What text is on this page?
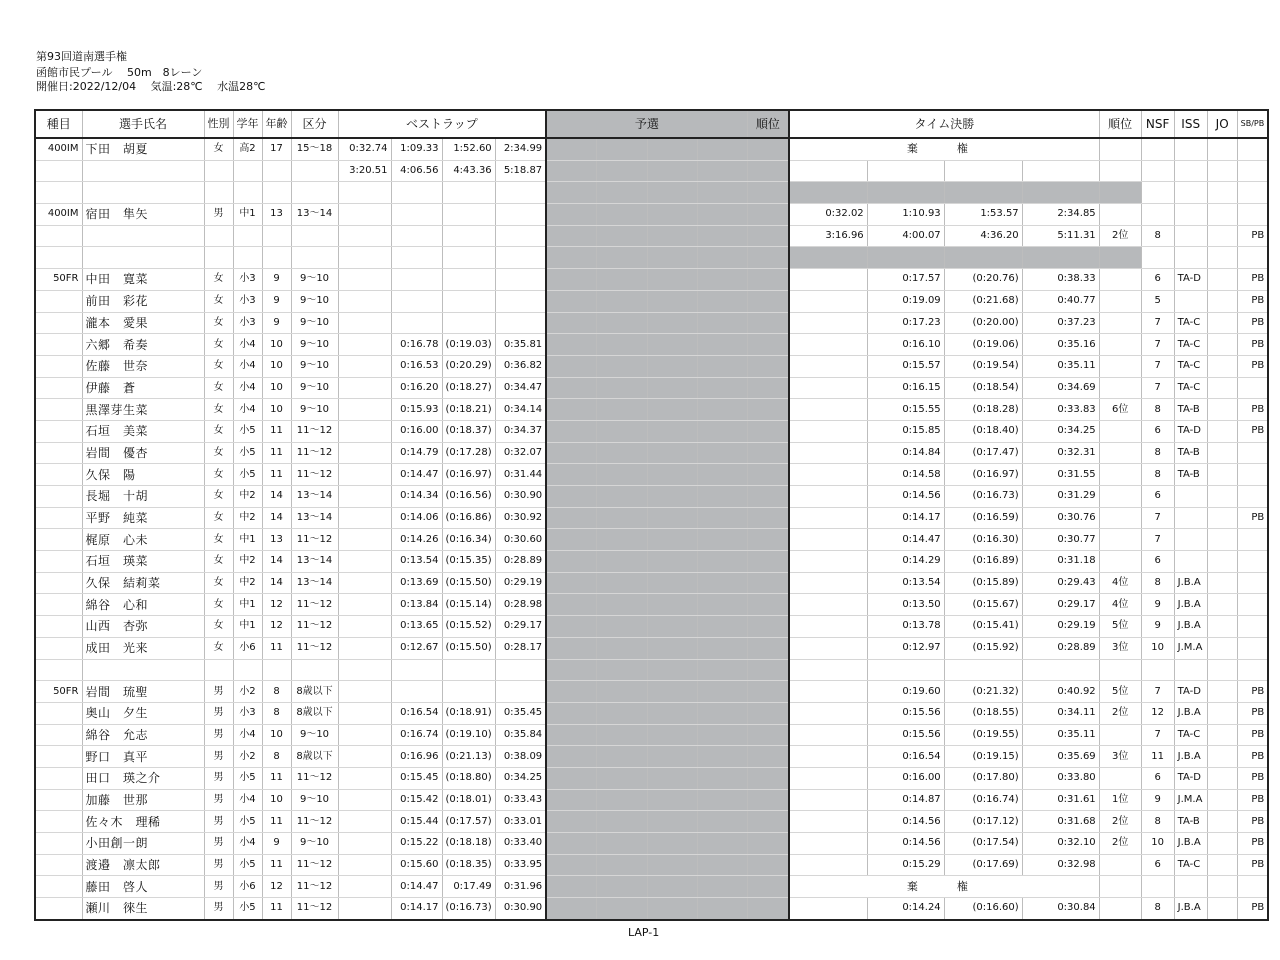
第93回道南選手権
函館市民プール　 50m　8レーン
開催日:2022/12/04　 気温:28℃　 水温28℃
種目	選手氏名	性別	学年	年齢	区分	ベストラップ				予選				順位	タイム決勝				順位	NSF	ISS	JO	SB/PB
400IM	下田　胡夏	女	高2	17	15〜18	0:32.74	1:09.33	1:52.60	2:34.99						棄　権								
						3:20.51	4:06.56	4:43.36	5:18.87														

400IM	宿田　隼矢	男	中1	13	13〜14										0:32.02	1:10.93	1:53.57	2:34.85					
															3:16.96	4:00.07	4:36.20	5:11.31	2位	8			PB

50FR	中田　寛菜	女	小3	9	9〜10											0:17.57	(0:20.76)	0:38.33		6	TA-D		PB
	前田　彩花	女	小3	9	9〜10											0:19.09	(0:21.68)	0:40.77		5			PB
	瀧本　愛果	女	小3	9	9〜10											0:17.23	(0:20.00)	0:37.23		7	TA-C		PB
	六郷　希奏	女	小4	10	9〜10		0:16.78	(0:19.03)	0:35.81							0:16.10	(0:19.06)	0:35.16		7	TA-C		PB
	佐藤　世奈	女	小4	10	9〜10		0:16.53	(0:20.29)	0:36.82							0:15.57	(0:19.54)	0:35.11		7	TA-C		PB
	伊藤　蒼	女	小4	10	9〜10		0:16.20	(0:18.27)	0:34.47							0:16.15	(0:18.54)	0:34.69		7	TA-C		
	黒澤芽生菜	女	小4	10	9〜10		0:15.93	(0:18.21)	0:34.14							0:15.55	(0:18.28)	0:33.83	6位	8	TA-B		PB
	石垣　美菜	女	小5	11	11〜12		0:16.00	(0:18.37)	0:34.37							0:15.85	(0:18.40)	0:34.25		6	TA-D		PB
	岩間　優杏	女	小5	11	11〜12		0:14.79	(0:17.28)	0:32.07							0:14.84	(0:17.47)	0:32.31		8	TA-B		
	久保　陽	女	小5	11	11〜12		0:14.47	(0:16.97)	0:31.44							0:14.58	(0:16.97)	0:31.55		8	TA-B		
	長堀　十胡	女	中2	14	13〜14		0:14.34	(0:16.56)	0:30.90							0:14.56	(0:16.73)	0:31.29		6			
	平野　純菜	女	中2	14	13〜14		0:14.06	(0:16.86)	0:30.92							0:14.17	(0:16.59)	0:30.76		7			PB
	梶原　心未	女	中1	13	11〜12		0:14.26	(0:16.34)	0:30.60							0:14.47	(0:16.30)	0:30.77		7			
	石垣　瑛菜	女	中2	14	13〜14		0:13.54	(0:15.35)	0:28.89							0:14.29	(0:16.89)	0:31.18		6			
	久保　結莉菜	女	中2	14	13〜14		0:13.69	(0:15.50)	0:29.19							0:13.54	(0:15.89)	0:29.43	4位	8	J.B.A		
	綿谷　心和	女	中1	12	11〜12		0:13.84	(0:15.14)	0:28.98							0:13.50	(0:15.67)	0:29.17	4位	9	J.B.A		
	山西　杏弥	女	中1	12	11〜12		0:13.65	(0:15.52)	0:29.17							0:13.78	(0:15.41)	0:29.19	5位	9	J.B.A		
	成田　光来	女	小6	11	11〜12		0:12.67	(0:15.50)	0:28.17							0:12.97	(0:15.92)	0:28.89	3位	10	J.M.A		

50FR	岩間　琉聖	男	小2	8	8歳以下											0:19.60	(0:21.32)	0:40.92	5位	7	TA-D		PB
	奥山　夕生	男	小3	8	8歳以下		0:16.54	(0:18.91)	0:35.45							0:15.56	(0:18.55)	0:34.11	2位	12	J.B.A		PB
	綿谷　允志	男	小4	10	9〜10		0:16.74	(0:19.10)	0:35.84							0:15.56	(0:19.55)	0:35.11		7	TA-C		PB
	野口　真平	男	小2	8	8歳以下		0:16.96	(0:21.13)	0:38.09							0:16.54	(0:19.15)	0:35.69	3位	11	J.B.A		PB
	田口　瑛之介	男	小5	11	11〜12		0:15.45	(0:18.80)	0:34.25							0:16.00	(0:17.80)	0:33.80		6	TA-D		PB
	加藤　世那	男	小4	10	9〜10		0:15.42	(0:18.01)	0:33.43							0:14.87	(0:16.74)	0:31.61	1位	9	J.M.A		PB
	佐々木　理稀	男	小5	11	11〜12		0:15.44	(0:17.57)	0:33.01							0:14.56	(0:17.12)	0:31.68	2位	8	TA-B		PB
	小田創一朗	男	小4	9	9〜10		0:15.22	(0:18.18)	0:33.40							0:14.56	(0:17.54)	0:32.10	2位	10	J.B.A		PB
	渡邉　凛太郎	男	小5	11	11〜12		0:15.60	(0:18.35)	0:33.95							0:15.29	(0:17.69)	0:32.98		6	TA-C		PB
	藤田　啓人	男	小6	12	11〜12		0:14.47	0:17.49	0:31.96						棄　権								
	瀬川　徠生	男	小5	11	11〜12		0:14.17	(0:16.73)	0:30.90							0:14.24	(0:16.60)	0:30.84		8	J.B.A		PB
LAP-1
